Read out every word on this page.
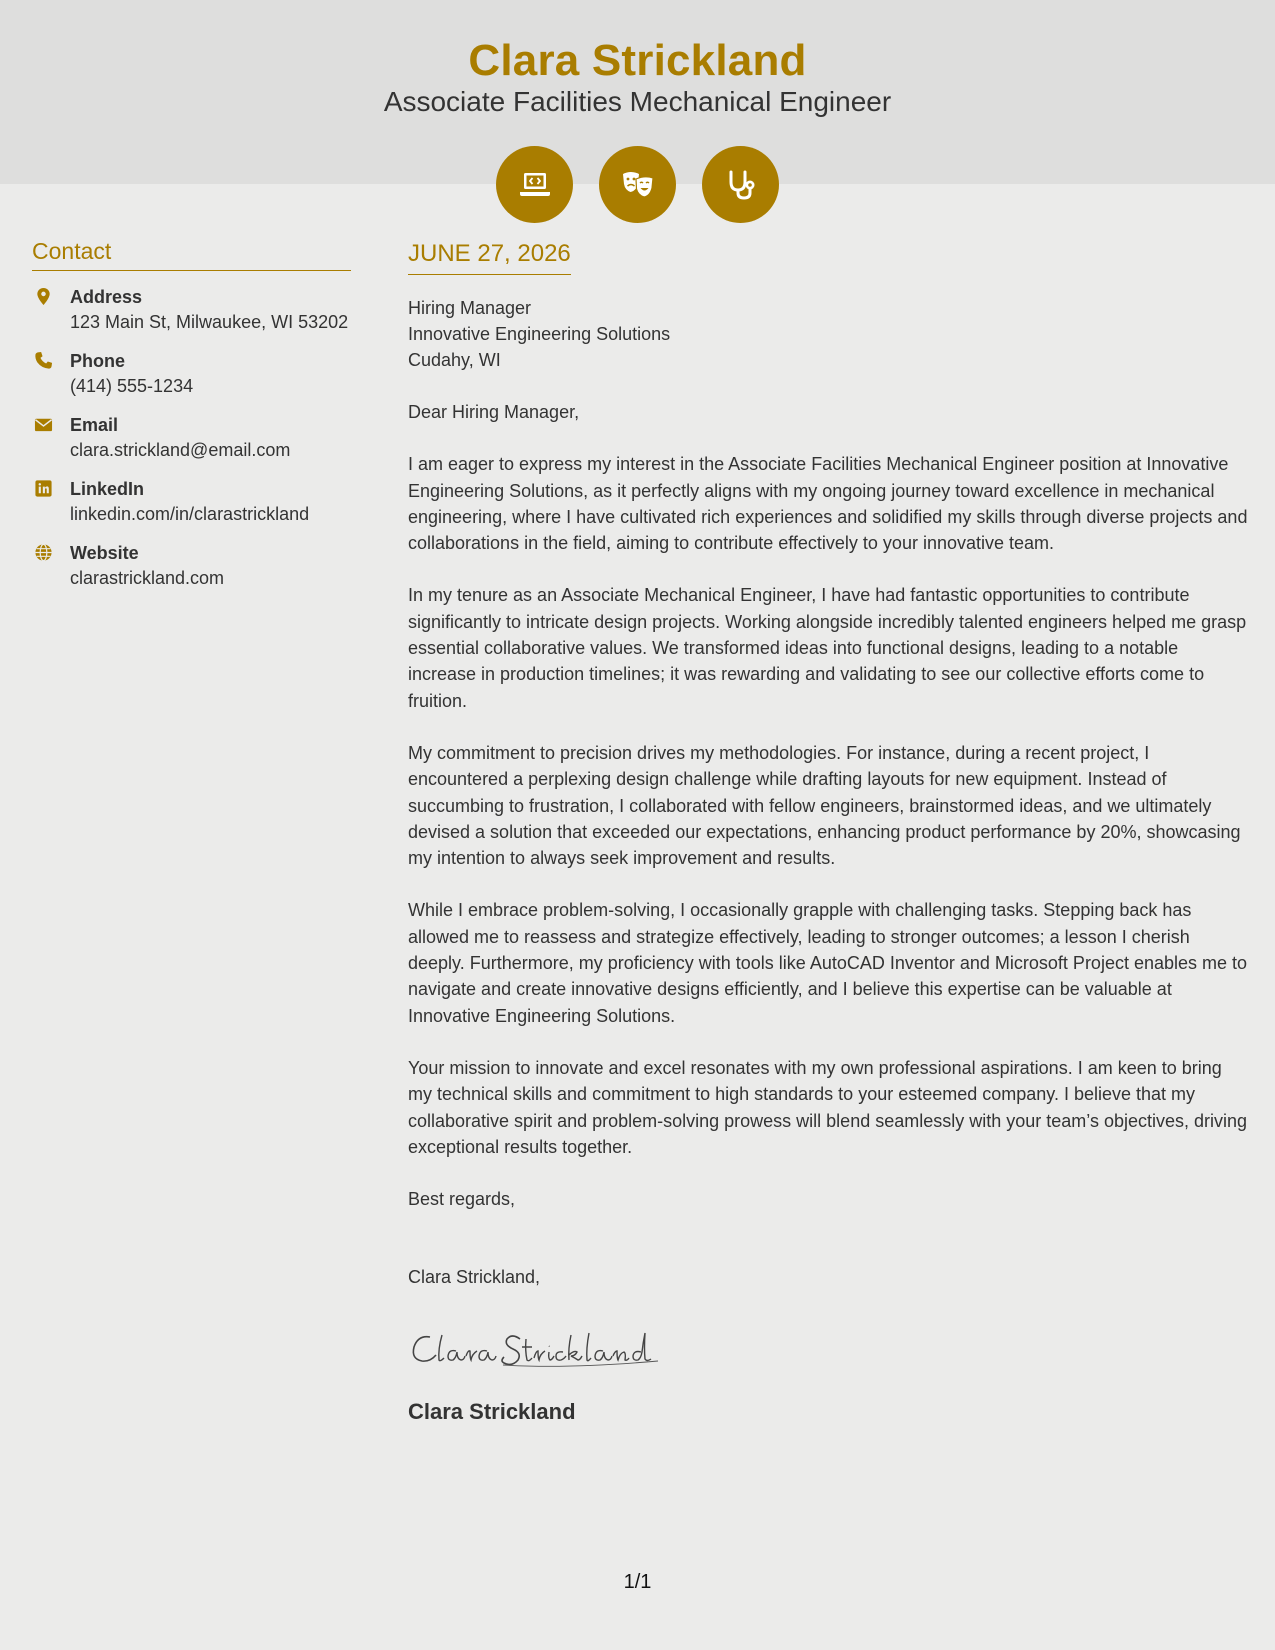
Clara Strickland
Associate Facilities Mechanical Engineer
Contact
Address
123 Main St, Milwaukee, WI 53202
Phone
(414) 555-1234
Email
clara.strickland@email.com
LinkedIn
linkedin.com/in/clarastrickland
Website
clarastrickland.com
JUNE 27, 2026
Hiring Manager
Innovative Engineering Solutions
Cudahy, WI
Dear Hiring Manager,
I am eager to express my interest in the Associate Facilities Mechanical Engineer position at Innovative Engineering Solutions, as it perfectly aligns with my ongoing journey toward excellence in mechanical engineering, where I have cultivated rich experiences and solidified my skills through diverse projects and collaborations in the field, aiming to contribute effectively to your innovative team.
In my tenure as an Associate Mechanical Engineer, I have had fantastic opportunities to contribute significantly to intricate design projects. Working alongside incredibly talented engineers helped me grasp essential collaborative values. We transformed ideas into functional designs, leading to a notable increase in production timelines; it was rewarding and validating to see our collective efforts come to fruition.
My commitment to precision drives my methodologies. For instance, during a recent project, I encountered a perplexing design challenge while drafting layouts for new equipment. Instead of succumbing to frustration, I collaborated with fellow engineers, brainstormed ideas, and we ultimately devised a solution that exceeded our expectations, enhancing product performance by 20%, showcasing my intention to always seek improvement and results.
While I embrace problem-solving, I occasionally grapple with challenging tasks. Stepping back has allowed me to reassess and strategize effectively, leading to stronger outcomes; a lesson I cherish deeply. Furthermore, my proficiency with tools like AutoCAD Inventor and Microsoft Project enables me to navigate and create innovative designs efficiently, and I believe this expertise can be valuable at Innovative Engineering Solutions.
Your mission to innovate and excel resonates with my own professional aspirations. I am keen to bring my technical skills and commitment to high standards to your esteemed company. I believe that my collaborative spirit and problem-solving prowess will blend seamlessly with your team’s objectives, driving exceptional results together.
Best regards,
Clara Strickland,
Clara Strickland
1/1
